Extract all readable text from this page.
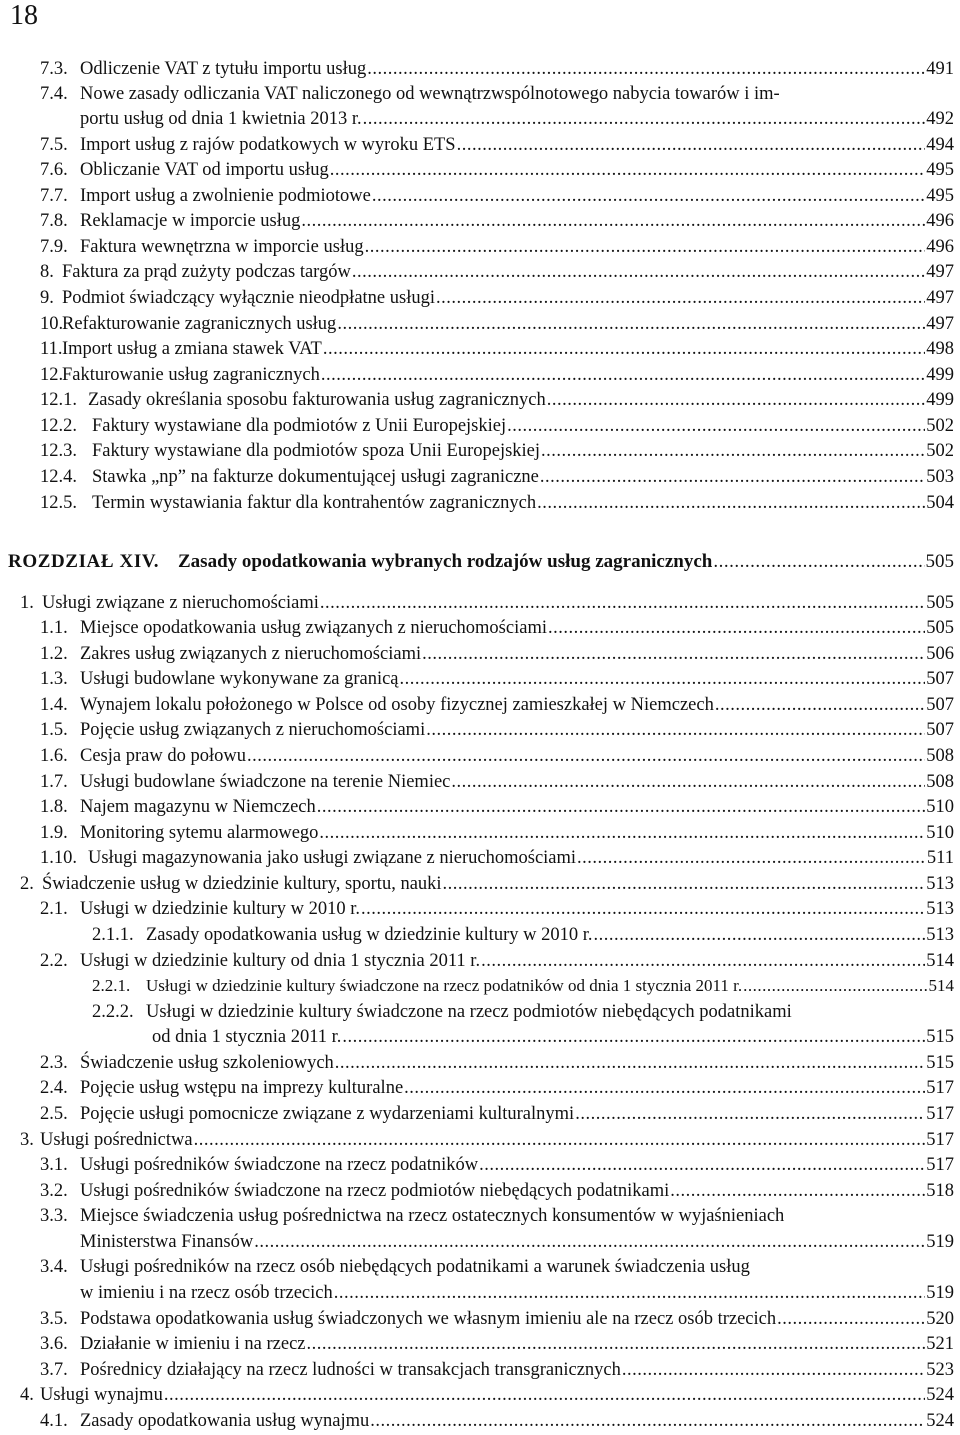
18
7.3. Odliczenie VAT z tytułu importu usług .....	491
7.4. Nowe zasady odliczania VAT naliczonego od wewnątrzwspólnotowego nabycia towarów i im-
portu usług od dnia 1 kwietnia 2013 r. .....	492
7.5. Import usług z rajów podatkowych w wyroku ETS .....	494
7.6. Obliczanie VAT od importu usług .....	495
7.7. Import usług a zwolnienie podmiotowe .....	495
7.8. Reklamacje w imporcie usług .....	496
7.9. Faktura wewnętrzna w imporcie usług .....	496
8. Faktura za prąd zużyty podczas targów .....	497
9. Podmiot świadczący wyłącznie nieodpłatne usługi .....	497
10.
Refakturowanie zagranicznych usług .....	497
11. Import usług a zmiana stawek VAT .....	498
12.
Fakturowanie usług zagranicznych .....	499
12.1. Zasady określania sposobu fakturowania usług zagranicznych .....	499
12.2. Faktury wystawiane dla podmiotów z Unii Europejskiej .....	502
12.3. Faktury wystawiane dla podmiotów spoza Unii Europejskiej .....	502
12.4. Stawka „np” na fakturze dokumentującej usługi zagraniczne .....	503
12.5. Termin wystawiania faktur dla kontrahentów zagranicznych .....	504
ROZDZIAŁ XIV. Zasady opodatkowania wybranych rodzajów usług zagranicznych .....	505
1. Usługi związane z nieruchomościami .....	505
1.1. Miejsce opodatkowania usług związanych z nieruchomościami .....	505
1.2. Zakres usług związanych z nieruchomościami .....	506
1.3. Usługi budowlane wykonywane za granicą .....	507
1.4. Wynajem lokalu położonego w Polsce od osoby fizycznej zamieszkałej w Niemczech .....	507
1.5. Pojęcie usług związanych z nieruchomościami .....	507
1.6. Cesja praw do połowu .....	508
1.7. Usługi budowlane świadczone na terenie Niemiec .....	508
1.8. Najem magazynu w Niemczech .....	510
1.9. Monitoring sytemu alarmowego .....	510
1.10. Usługi magazynowania jako usługi związane z nieruchomościami .....	511
2. Świadczenie usług w dziedzinie kultury, sportu, nauki .....	513
2.1. Usługi w dziedzinie kultury w 2010 r. .....	513
2.1.1. Zasady opodatkowania usług w dziedzinie kultury w 2010 r. .....	513
2.2. Usługi w dziedzinie kultury od dnia 1 stycznia 2011 r. .....	514
2.2.1. Usługi w dziedzinie kultury świadczone na rzecz podatników od dnia 1 stycznia 2011 r. .....	514
2.2.2. Usługi w dziedzinie kultury świadczone na rzecz podmiotów niebędących podatnikami
od dnia 1 stycznia 2011 r. .....	515
2.3. Świadczenie usług szkoleniowych .....	515
2.4. Pojęcie usług wstępu na imprezy kulturalne .....	517
2.5. Pojęcie usługi pomocnicze związane z wydarzeniami kulturalnymi .....	517
3. Usługi pośrednictwa .....	517
3.1. Usługi pośredników świadczone na rzecz podatników .....	517
3.2. Usługi pośredników świadczone na rzecz podmiotów niebędących podatnikami .....	518
3.3. Miejsce świadczenia usług pośrednictwa na rzecz ostatecznych konsumentów w wyjaśnieniach
Ministerstwa Finansów .....	519
3.4. Usługi pośredników na rzecz osób niebędących podatnikami a warunek świadczenia usług
w imieniu i na rzecz osób trzecich .....	519
3.5. Podstawa opodatkowania usług świadczonych we własnym imieniu ale na rzecz osób trzecich .....	520
3.6. Działanie w imieniu i na rzecz .....	521
3.7. Pośrednicy działający na rzecz ludności w transakcjach transgranicznych .....	523
4. Usługi wynajmu .....	524
4.1. Zasady opodatkowania usług wynajmu .....	524
